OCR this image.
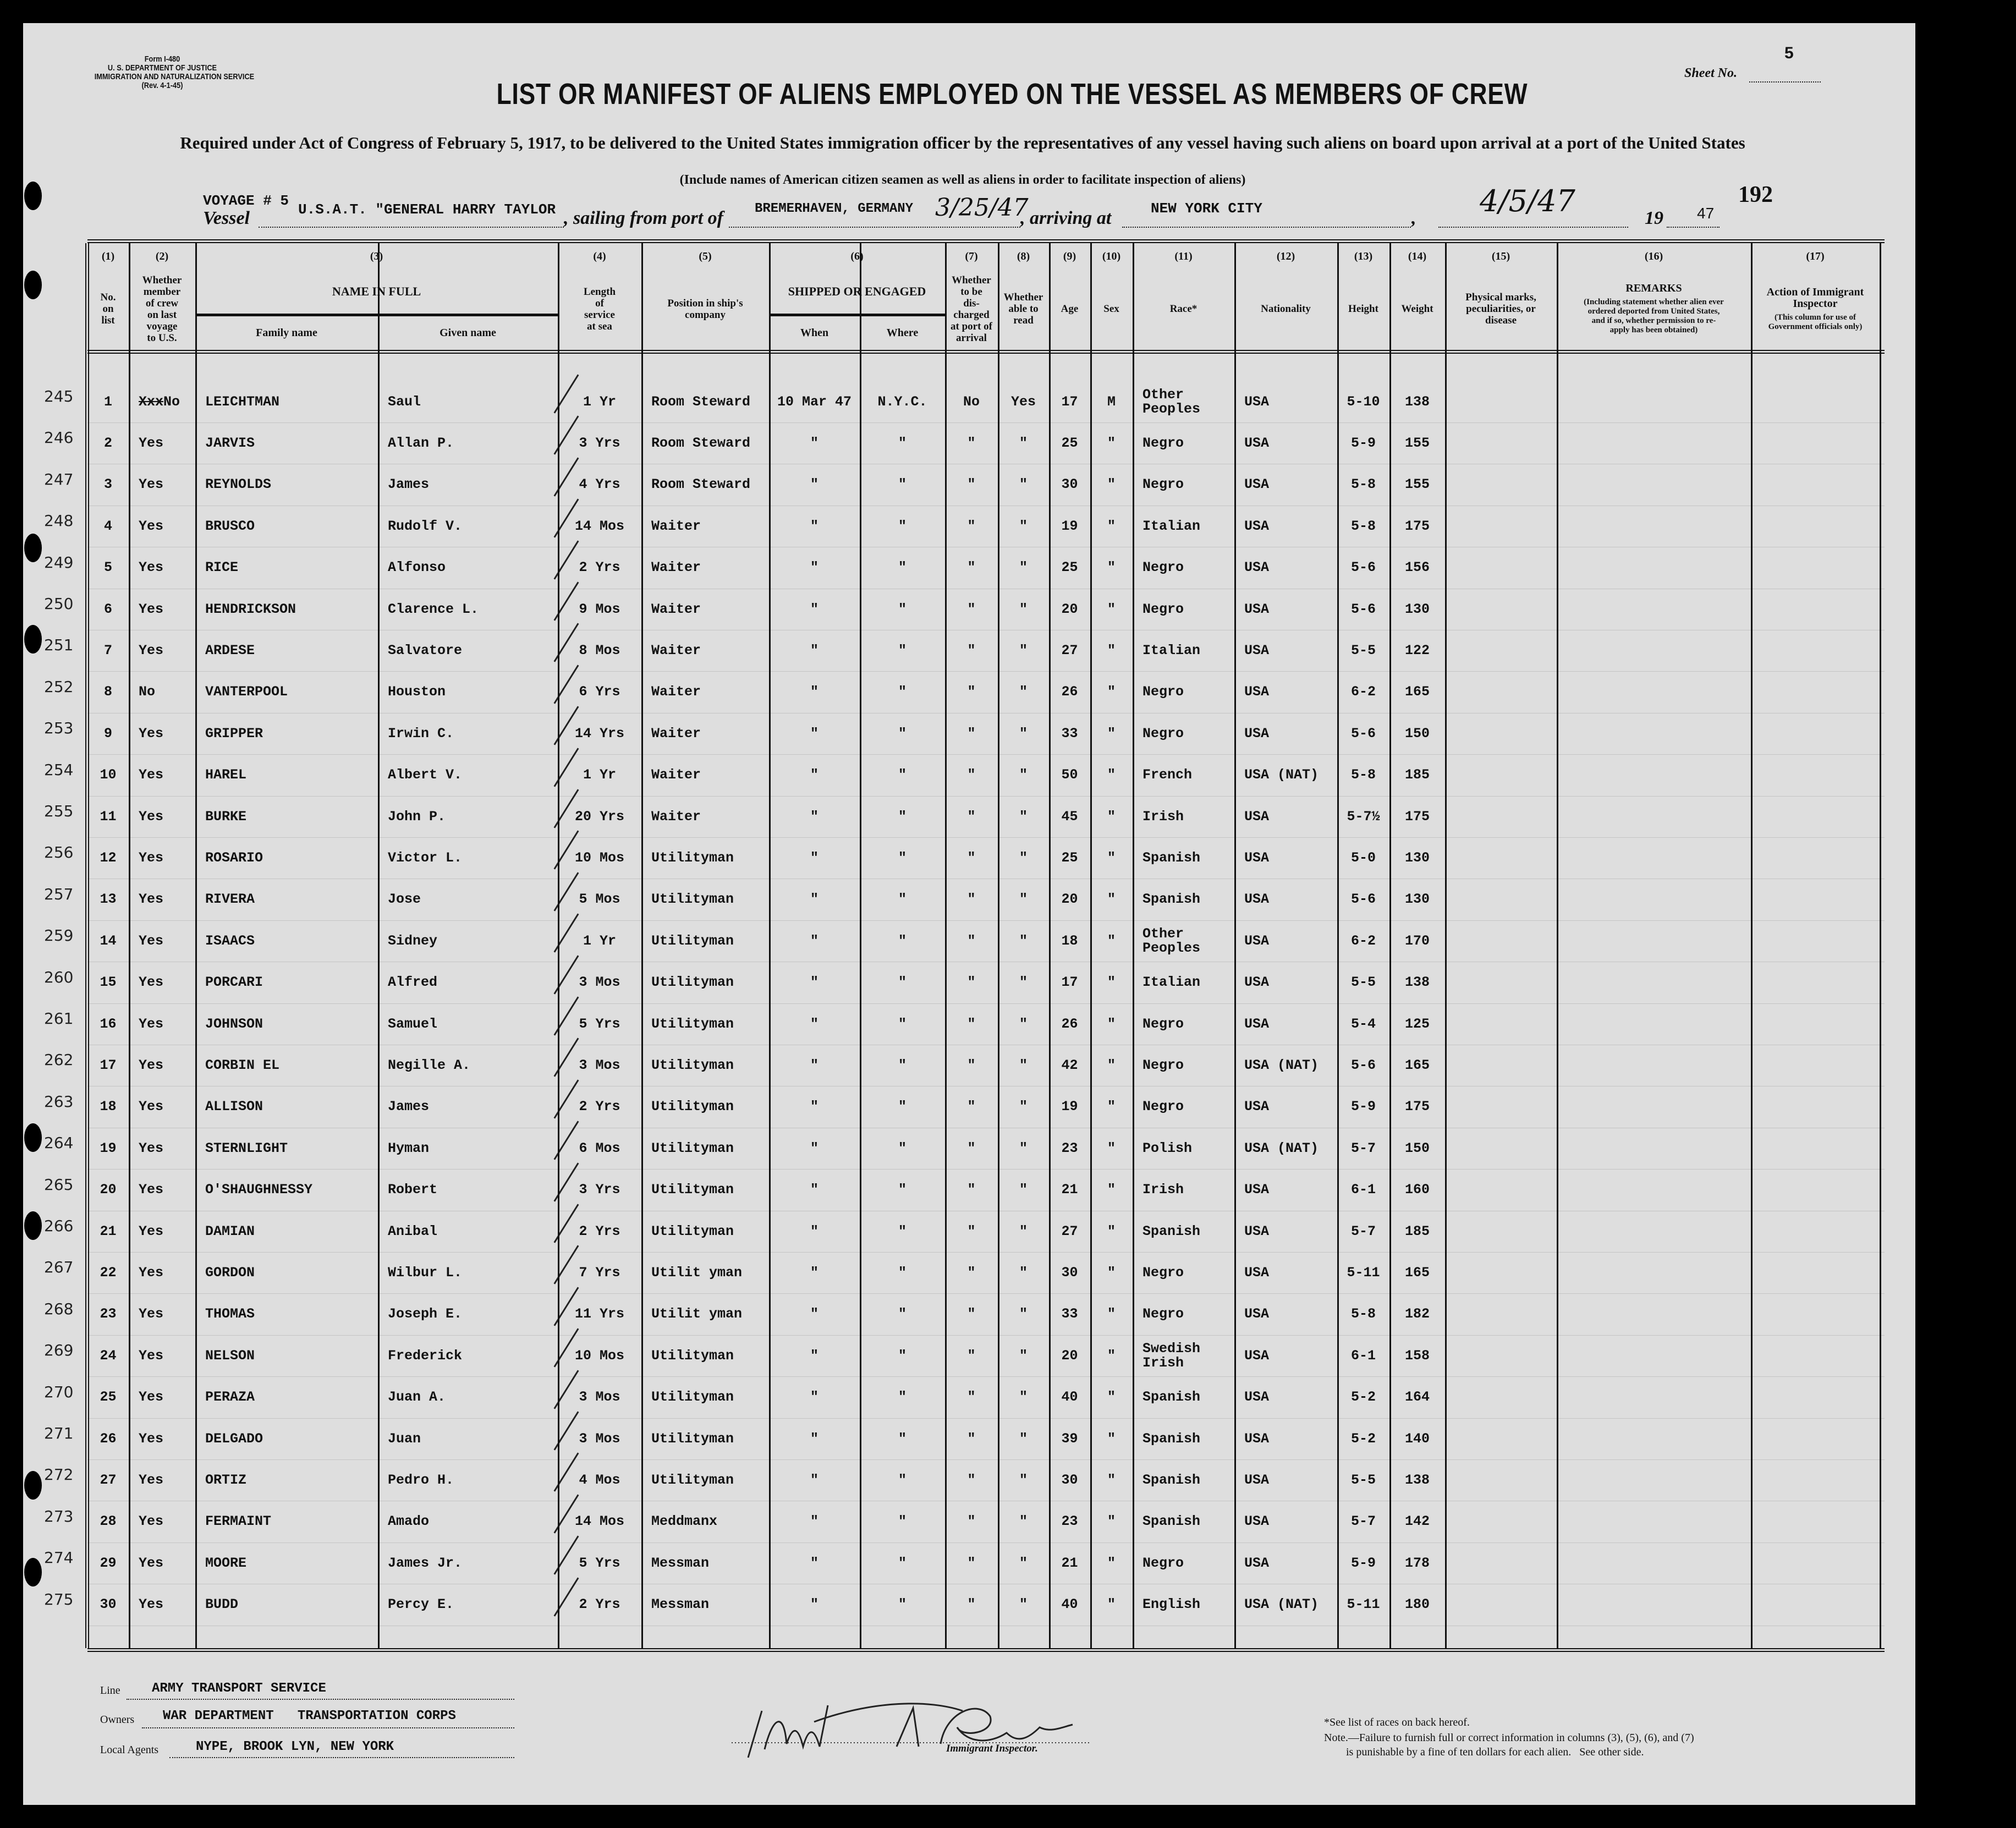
Form I-480
U. S. DEPARTMENT OF JUSTICE
IMMIGRATION AND NATURALIZATION SERVICE
(Rev. 4-1-45)
5
Sheet No.
LIST OR MANIFEST OF ALIENS EMPLOYED ON THE VESSEL AS MEMBERS OF CREW
Required under Act of Congress of February 5, 1917, to be delivered to the United States immigration officer by the representatives of any vessel having such aliens on board upon arrival at a port of the United States
(Include names of American citizen seamen as well as aliens in order to facilitate inspection of aliens)
VOYAGE # 5
Vessel	U.S.A.T. "GENERAL HARRY TAYLOR , sailing from port of BREMERHAVEN, GERMANY 3/25/47
, arriving at	NEW YORK CITY	, 4/5/47	19 47
192
(1)
No.
on
list
(2)
Whether
member
of crew
on last
voyage
to U.S.
(4)
Length
of
service
at sea
(5)
Position in ship's
company
(7)
Whether
to be
dis-
charged
at port of
arrival
(8)
Whether
able to
read
(9)
Age
(10)
Sex
(11)
Race*
(12)
Nationality
(13)
Height
(14)
Weight
(15)
Physical marks,
peculiarities, or
disease
(16)
REMARKS
(Including statement whether alien ever
ordered deported from United States,
and if so, whether permission to re-
apply has been obtained)
(17)
Action of Immigrant
Inspector
(This column for use of
Government officials only)
(3)
NAME IN FULL
Family name	Given name
(6)
SHIPPED OR ENGAGED
When	Where
1	Xxx No	LEICHTMAN	Saul	1 Yr	Room Steward	10 Mar 47	N.Y.C.	No	Yes	17	M	Other
Peoples	USA	5-10	138
2	Yes	JARVIS	Allan P.	3 Yrs	Room Steward	"	"	"	"	25	"	Negro	USA	5-9	155
3	Yes	REYNOLDS	James	4 Yrs	Room Steward	"	"	"	"	30	"	Negro	USA	5-8	155
4	Yes	BRUSCO	Rudolf V.	14 Mos	Waiter	"	"	"	"	19	"	Italian	USA	5-8	175
5	Yes	RICE	Alfonso	2 Yrs	Waiter	"	"	"	"	25	"	Negro	USA	5-6	156
6	Yes	HENDRICKSON	Clarence L.	9 Mos	Waiter	"	"	"	"	20	"	Negro	USA	5-6	130
7	Yes	ARDESE	Salvatore	8 Mos	Waiter	"	"	"	"	27	"	Italian	USA	5-5	122
8	No	VANTERPOOL	Houston	6 Yrs	Waiter	"	"	"	"	26	"	Negro	USA	6-2	165
9	Yes	GRIPPER	Irwin C.	14 Yrs	Waiter	"	"	"	"	33	"	Negro	USA	5-6	150
10	Yes	HAREL	Albert V.	1 Yr	Waiter	"	"	"	"	50	"	French	USA (NAT)	5-8	185
11	Yes	BURKE	John P.	20 Yrs	Waiter	"	"	"	"	45	"	Irish	USA	5-7½	175
12	Yes	ROSARIO	Victor L.	10 Mos	Utilityman	"	"	"	"	25	"	Spanish	USA	5-0	130
13	Yes	RIVERA	Jose	5 Mos	Utilityman	"	"	"	"	20	"	Spanish	USA	5-6	130
14	Yes	ISAACS	Sidney	1 Yr	Utilityman	"	"	"	"	18	"	Other
Peoples	USA	6-2	170
15	Yes	PORCARI	Alfred	3 Mos	Utilityman	"	"	"	"	17	"	Italian	USA	5-5	138
16	Yes	JOHNSON	Samuel	5 Yrs	Utilityman	"	"	"	"	26	"	Negro	USA	5-4	125
17	Yes	CORBIN EL	Negille A.	3 Mos	Utilityman	"	"	"	"	42	"	Negro	USA (NAT)	5-6	165
18	Yes	ALLISON	James	2 Yrs	Utilityman	"	"	"	"	19	"	Negro	USA	5-9	175
19	Yes	STERNLIGHT	Hyman	6 Mos	Utilityman	"	"	"	"	23	"	Polish	USA (NAT)	5-7	150
20	Yes	O'SHAUGHNESSY	Robert	3 Yrs	Utilityman	"	"	"	"	21	"	Irish	USA	6-1	160
21	Yes	DAMIAN	Anibal	2 Yrs	Utilityman	"	"	"	"	27	"	Spanish	USA	5-7	185
22	Yes	GORDON	Wilbur L.	7 Yrs	Utilit yman	"	"	"	"	30	"	Negro	USA	5-11	165
23	Yes	THOMAS	Joseph E.	11 Yrs	Utilit yman	"	"	"	"	33	"	Negro	USA	5-8	182
24	Yes	NELSON	Frederick	10 Mos	Utilityman	"	"	"	"	20	"	Swedish
Irish	USA	6-1	158
25	Yes	PERAZA	Juan A.	3 Mos	Utilityman	"	"	"	"	40	"	Spanish	USA	5-2	164
26	Yes	DELGADO	Juan	3 Mos	Utilityman	"	"	"	"	39	"	Spanish	USA	5-2	140
27	Yes	ORTIZ	Pedro H.	4 Mos	Utilityman	"	"	"	"	30	"	Spanish	USA	5-5	138
28	Yes	FERMAINT	Amado	14 Mos	Meddmanx	"	"	"	"	23	"	Spanish	USA	5-7	142
29	Yes	MOORE	James Jr.	5 Yrs	Messman	"	"	"	"	21	"	Negro	USA	5-9	178
30	Yes	BUDD	Percy E.	2 Yrs	Messman	"	"	"	"	40	"	English	USA (NAT)	5-11	180
245
246
247
248
249
250
251
252
253
254
255
256
257
259
260
261
262
263
264
265
266
267
268
269
270
271
272
273
274
275
Line ARMY TRANSPORT SERVICE
Owners WAR DEPARTMENT   TRANSPORTATION CORPS
Local Agents	NYPE, BROOK LYN, NEW YORK	Immigrant Inspector.
*See list of races on back hereof.
Note.—Failure to furnish full or correct information in columns (3), (5), (6), and (7)
is punishable by a fine of ten dollars for each alien.   See other side.
